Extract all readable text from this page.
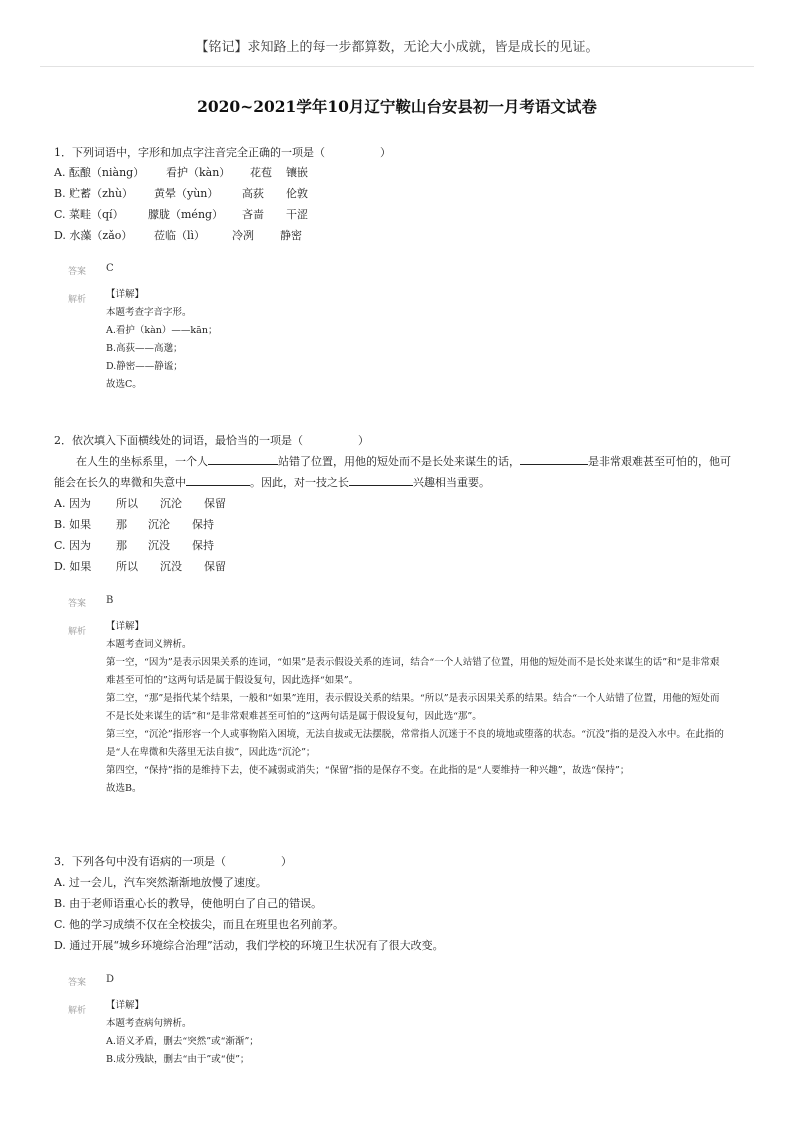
【铭记】求知路上的每一步都算数，无论大小成就，皆是成长的见证。
2020~2021学年10月辽宁鞍山台安县初一月考语文试卷
1．下列词语中，字形和加点字注音完全正确的一项是（　　　　　）
A. 酝酿（niàng） 看护（kàn） 花苞 镶嵌
B. 贮蓄（zhù） 黄晕（yùn） 高荻 伦敦
C. 菜畦（qí） 朦胧（méng） 吝啬 干涩
D. 水藻（zǎo） 莅临（lì） 冷冽 静密
答案 C
解析 【详解】

本题考查字音字形。

A.看护（kàn）——kān；

B.高荻——高邈；

D.静密——静谧；

故选C。

2．依次填入下面横线处的词语，最恰当的一项是（　　　　　）
在人生的坐标系里，一个人	站错了位置，用他的短处而不是长处来谋生的话，	是非常艰难甚至可怕的，他可
能会在长久的卑微和失意中	。因此，对一技之长	兴趣相当重要。
A. 因为 所以 沉沦 保留
B. 如果 那 沉沦 保持
C. 因为 那 沉没 保持
D. 如果 所以 沉没 保留
答案 B
解析 【详解】

本题考查词义辨析。

第一空，“因为”是表示因果关系的连词，“如果”是表示假设关系的连词，结合“一个人站错了位置，用他的短处而不是长处来谋生的话”和“是非常艰难甚至可怕的”这两句话是属于假设复句，因此选择“如果”。

第二空，“那”是指代某个结果，一般和“如果”连用，表示假设关系的结果。“所以”是表示因果关系的结果。结合“一个人站错了位置，用他的短处而不是长处来谋生的话”和“是非常艰难甚至可怕的”这两句话是属于假设复句，因此选“那”。

第三空，“沉沦”指形容一个人或事物陷入困境，无法自拔或无法摆脱，常常指人沉迷于不良的境地或堕落的状态。“沉没”指的是没入水中。在此指的是“人在卑微和失落里无法自拔”，因此选“沉沦”；

第四空，“保持”指的是维持下去，使不减弱或消失；“保留”指的是保存不变。在此指的是“人要维持一种兴趣”，故选“保持”；

故选B。

3．下列各句中没有语病的一项是（　　　　　）
A. 过一会儿，汽车突然渐渐地放慢了速度。
B. 由于老师语重心长的教导，使他明白了自己的错误。
C. 他的学习成绩不仅在全校拔尖，而且在班里也名列前茅。
D. 通过开展“城乡环境综合治理”活动，我们学校的环境卫生状况有了很大改变。
答案 D
解析 【详解】

本题考查病句辨析。

A.语义矛盾，删去“突然”或“渐渐”；

B.成分残缺，删去“由于”或“使”；
